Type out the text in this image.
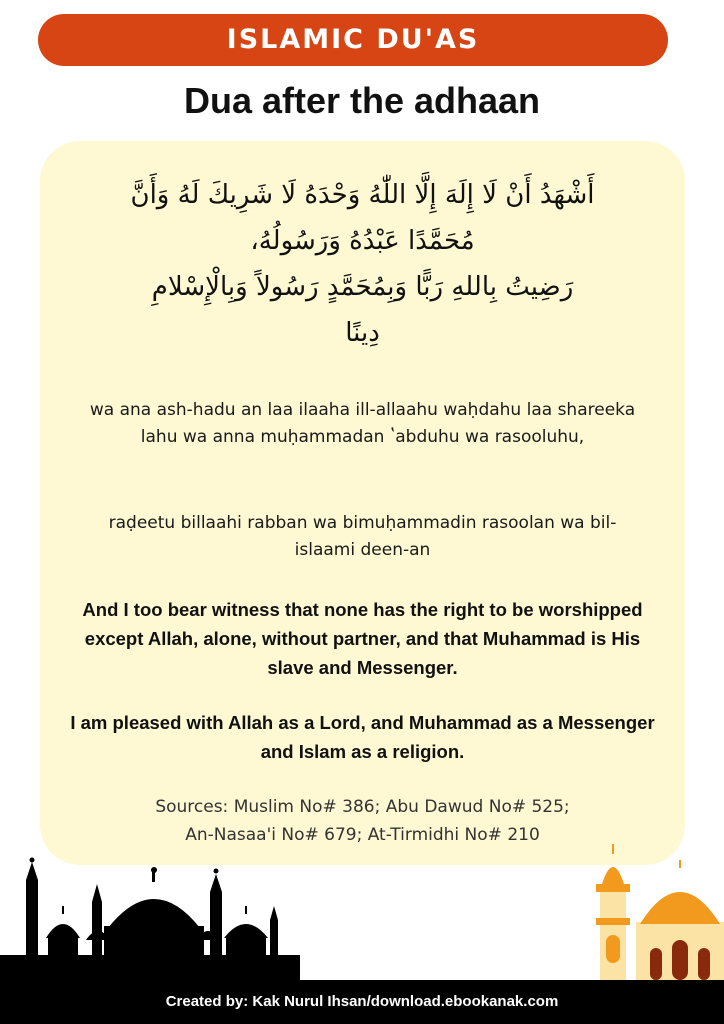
ISLAMIC DU'AS
Dua after the adhaan
أَشْهَدُ أَنْ لَا إِلَهَ إِلَّا اللّٰهُ وَحْدَهُ لَا شَرِيكَ لَهُ وَأَنَّ
مُحَمَّدًا عَبْدُهُ وَرَسُولُهُ،
رَضِيتُ بِاللهِ رَبًّا وَبِمُحَمَّدٍ رَسُولاً وَبِالْإِسْلامِ
دِينًا
wa ana ash-hadu an laa ilaaha ill-allaahu waḥdahu laa shareeka lahu wa anna muḥammadan ʽabduhu wa rasooluhu,
raḍeetu billaahi rabban wa bimuḥammadin rasoolan wa bil-islaami deen-an
And I too bear witness that none has the right to be worshipped except Allah, alone, without partner, and that Muhammad is His slave and Messenger.
I am pleased with Allah as a Lord, and Muhammad as a Messenger and Islam as a religion.
Sources: Muslim No# 386; Abu Dawud No# 525;
An-Nasaa'i No# 679; At-Tirmidhi No# 210
Created by: Kak Nurul Ihsan/download.ebookanak.com
